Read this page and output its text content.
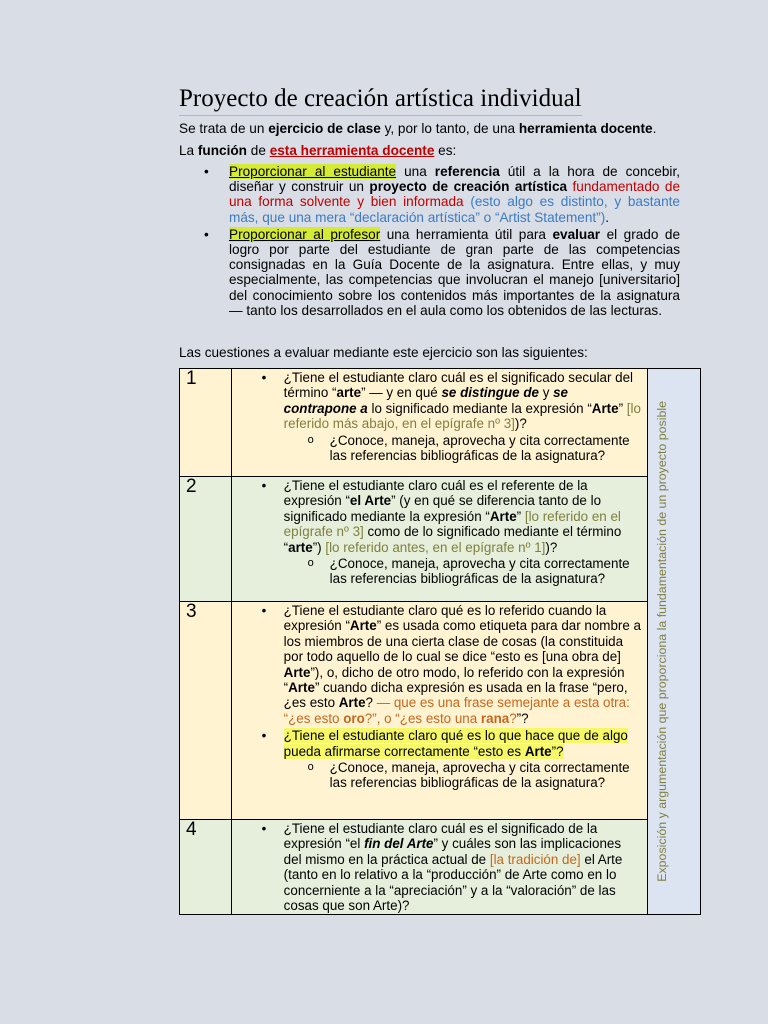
Proyecto de creación artística individual
Se trata de un ejercicio de clase y, por lo tanto, de una herramienta docente.
La función de esta herramienta docente es:
• Proporcionar al estudiante una referencia útil a la hora de concebir, diseñar y construir un proyecto de creación artística fundamentado de una forma solvente y bien informada (esto algo es distinto, y bastante más, que una mera “declaración artística” o “Artist Statement”).
• Proporcionar al profesor una herramienta útil para evaluar el grado de logro por parte del estudiante de gran parte de las competencias consignadas en la Guía Docente de la asignatura. Entre ellas, y muy especialmente, las competencias que involucran el manejo [universitario] del conocimiento sobre los contenidos más importantes de la asignatura — tanto los desarrollados en el aula como los obtenidos de las lecturas.
Las cuestiones a evaluar mediante este ejercicio son las siguientes:
1	• ¿Tiene el estudiante claro cuál es el significado secular del término “arte” — y en qué se distingue de y se contrapone a lo significado mediante la expresión “Arte” [lo referido más abajo, en el epígrafe nº 3])?
o ¿Conoce, maneja, aprovecha y cita correctamente las referencias bibliográficas de la asignatura?

2	• ¿Tiene el estudiante claro cuál es el referente de la expresión “el Arte” (y en qué se diferencia tanto de lo significado mediante la expresión “Arte” [lo referido en el epígrafe nº 3] como de lo significado mediante el término “arte”) [lo referido antes, en el epígrafe nº 1])?
o ¿Conoce, maneja, aprovecha y cita correctamente las referencias bibliográficas de la asignatura?

3	• ¿Tiene el estudiante claro qué es lo referido cuando la expresión “Arte” es usada como etiqueta para dar nombre a los miembros de una cierta clase de cosas (la constituida por todo aquello de lo cual se dice “esto es [una obra de] Arte”), o, dicho de otro modo, lo referido con la expresión “Arte” cuando dicha expresión es usada en la frase “pero, ¿es esto Arte? — que es una frase semejante a esta otra: “¿es esto oro?”, o “¿es esto una rana?”?
• ¿Tiene el estudiante claro qué es lo que hace que de algo pueda afirmarse correctamente “esto es Arte”?
o ¿Conoce, maneja, aprovecha y cita correctamente las referencias bibliográficas de la asignatura?

4	• ¿Tiene el estudiante claro cuál es el significado de la expresión “el fin del Arte” y cuáles son las implicaciones del mismo en la práctica actual de [la tradición de] el Arte (tanto en lo relativo a la “producción” de Arte como en lo concerniente a la “apreciación” y a la “valoración” de las cosas que son Arte)?
Exposición y argumentación que proporciona la fundamentación de un proyecto posible
